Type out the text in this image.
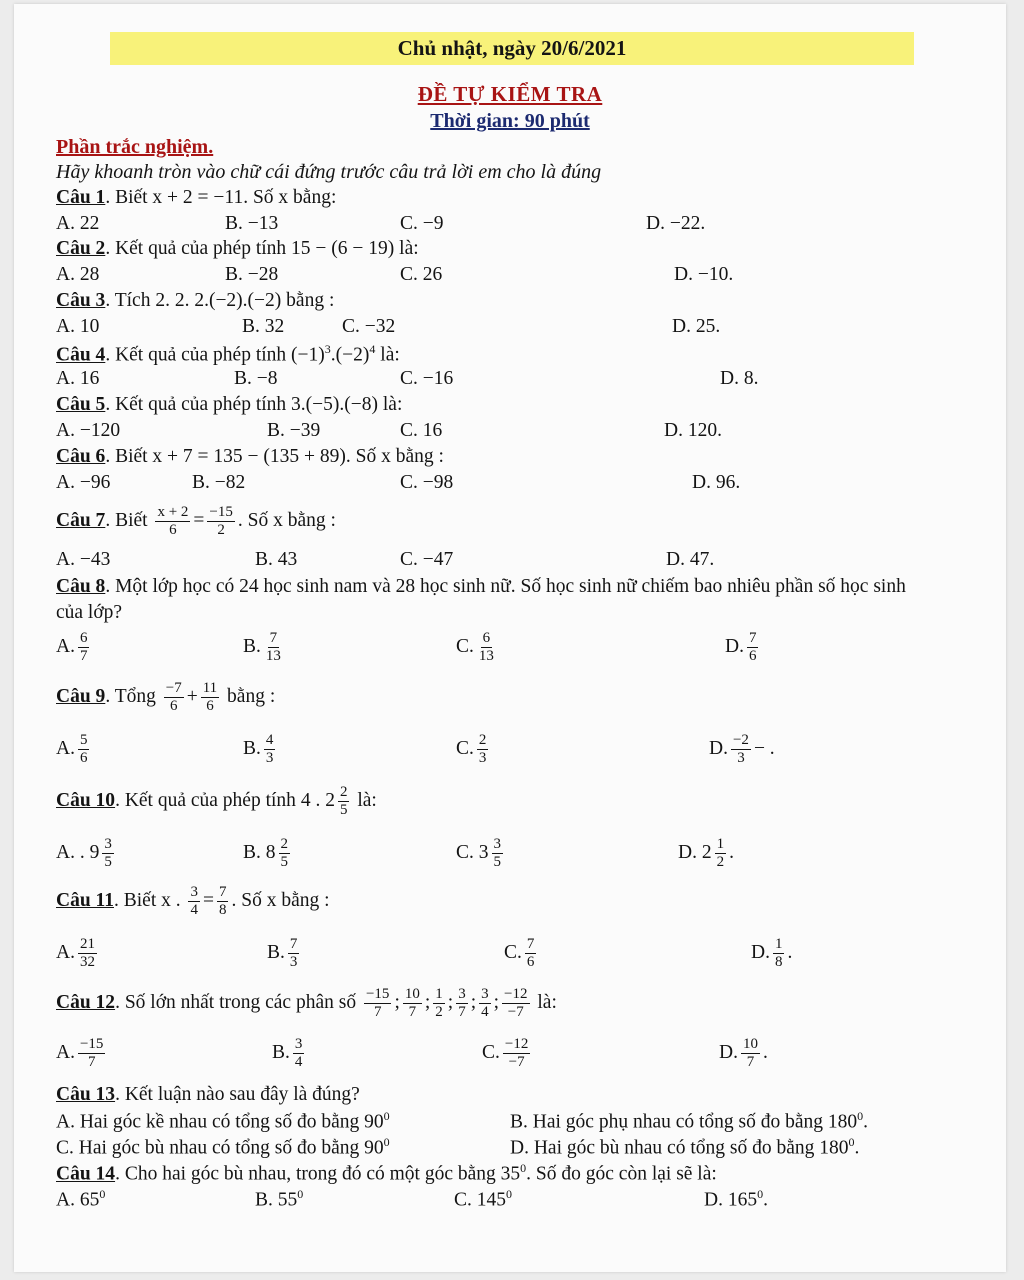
Chủ nhật, ngày 20/6/2021
ĐỀ TỰ KIỂM TRA
Thời gian: 90 phút
Phần trắc nghiệm.
Hãy khoanh tròn vào chữ cái đứng trước câu trả lời em cho là đúng
Câu 1. Biết x + 2 = −11. Số x bằng:
A. 22	B. −13	C. −9	D. −22.
Câu 2. Kết quả của phép tính 15 − (6 − 19) là:
A. 28	B. −28	C. 26	D. −10.
Câu 3. Tích 2. 2. 2.(−2).(−2) bằng :
A. 10	B. 32	C. −32	D. 25.
Câu 4. Kết quả của phép tính $(-1)^3.(-2)^4$ là:
A. 16	B. −8	C. −16	D. 8.
Câu 5. Kết quả của phép tính 3.(−5).(−8) là:
A. −120	B. −39	C. 16	D. 120.
Câu 6. Biết x + 7 = 135 − (135 + 89). Số x bằng :
A. −96	B. −82	C. −98	D. 96.
Câu 7. Biết $\frac{x + 2}{6} = \frac{-15}{2}$ . Số x bằng :
A. −43	B. 43	C. −47	D. 47.
Câu 8. Một lớp học có 24 học sinh nam và 28 học sinh nữ. Số học sinh nữ chiếm bao nhiêu phần số học sinh của lớp?
A. $\frac{6}{7}$	B. $\frac{7}{13}$	C. $\frac{6}{13}$	D. $\frac{7}{6}$
Câu 9. Tổng $\frac{-7}{6} + \frac{11}{6}$ bằng :
A. $\frac{5}{6}$	B. $\frac{4}{3}$	C. $\frac{2}{3}$	D. $\frac{-2}{3}$ − .
Câu 10. Kết quả của phép tính 4 . $2 \frac{2}{5}$ là:
A. . $9 \frac{3}{5}$	B. $8 \frac{2}{5}$	C. $3 \frac{3}{5}$	D. $2 \frac{1}{2}$ .
Câu 11. Biết x . $\frac{3}{4} = \frac{7}{8}$ . Số x bằng :
A. $\frac{21}{32}$	B. $\frac{7}{3}$	C. $\frac{7}{6}$	D. $\frac{1}{8}$ .
Câu 12. Số lớn nhất trong các phân số $\frac{-15}{7}$ ; $\frac{10}{7}$ ; $\frac{1}{2}$ ; $\frac{3}{7}$ ; $\frac{3}{4}$ ; $\frac{-12}{-7}$ là:
A. $\frac{-15}{7}$	B. $\frac{3}{4}$	C. $\frac{-12}{-7}$	D. $\frac{10}{7}$ .
Câu 13. Kết luận nào sau đây là đúng?
A. Hai góc kề nhau có tổng số đo bằng $90^0$	B. Hai góc phụ nhau có tổng số đo bằng $180^0$.
C. Hai góc bù nhau có tổng số đo bằng $90^0$	D. Hai góc bù nhau có tổng số đo bằng $180^0$.
Câu 14. Cho hai góc bù nhau, trong đó có một góc bằng $35^0$. Số đo góc còn lại sẽ là:
A. $65^0$	B. $55^0$	C. $145^0$	D. $165^0$.
